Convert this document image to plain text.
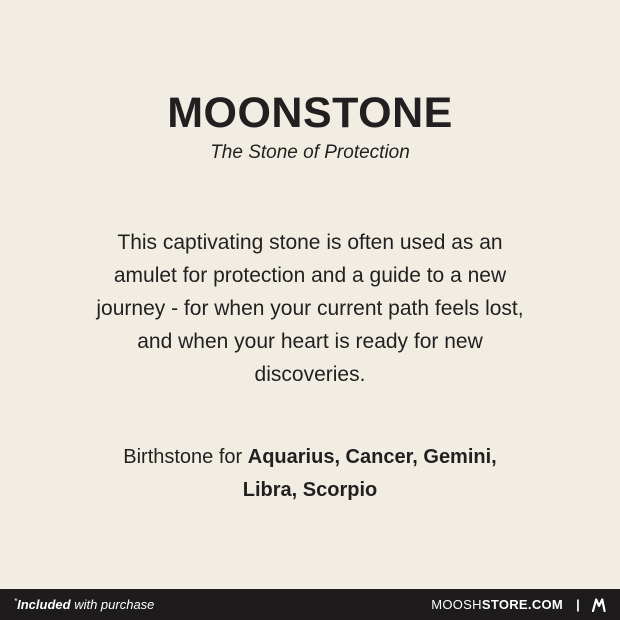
MOONSTONE
The Stone of Protection
This captivating stone is often used as an amulet for protection and a guide to a new journey - for when your current path feels lost, and when your heart is ready for new discoveries.
Birthstone for Aquarius, Cancer, Gemini, Libra, Scorpio
*Included with purchase	MOOSH STORE.COM |
